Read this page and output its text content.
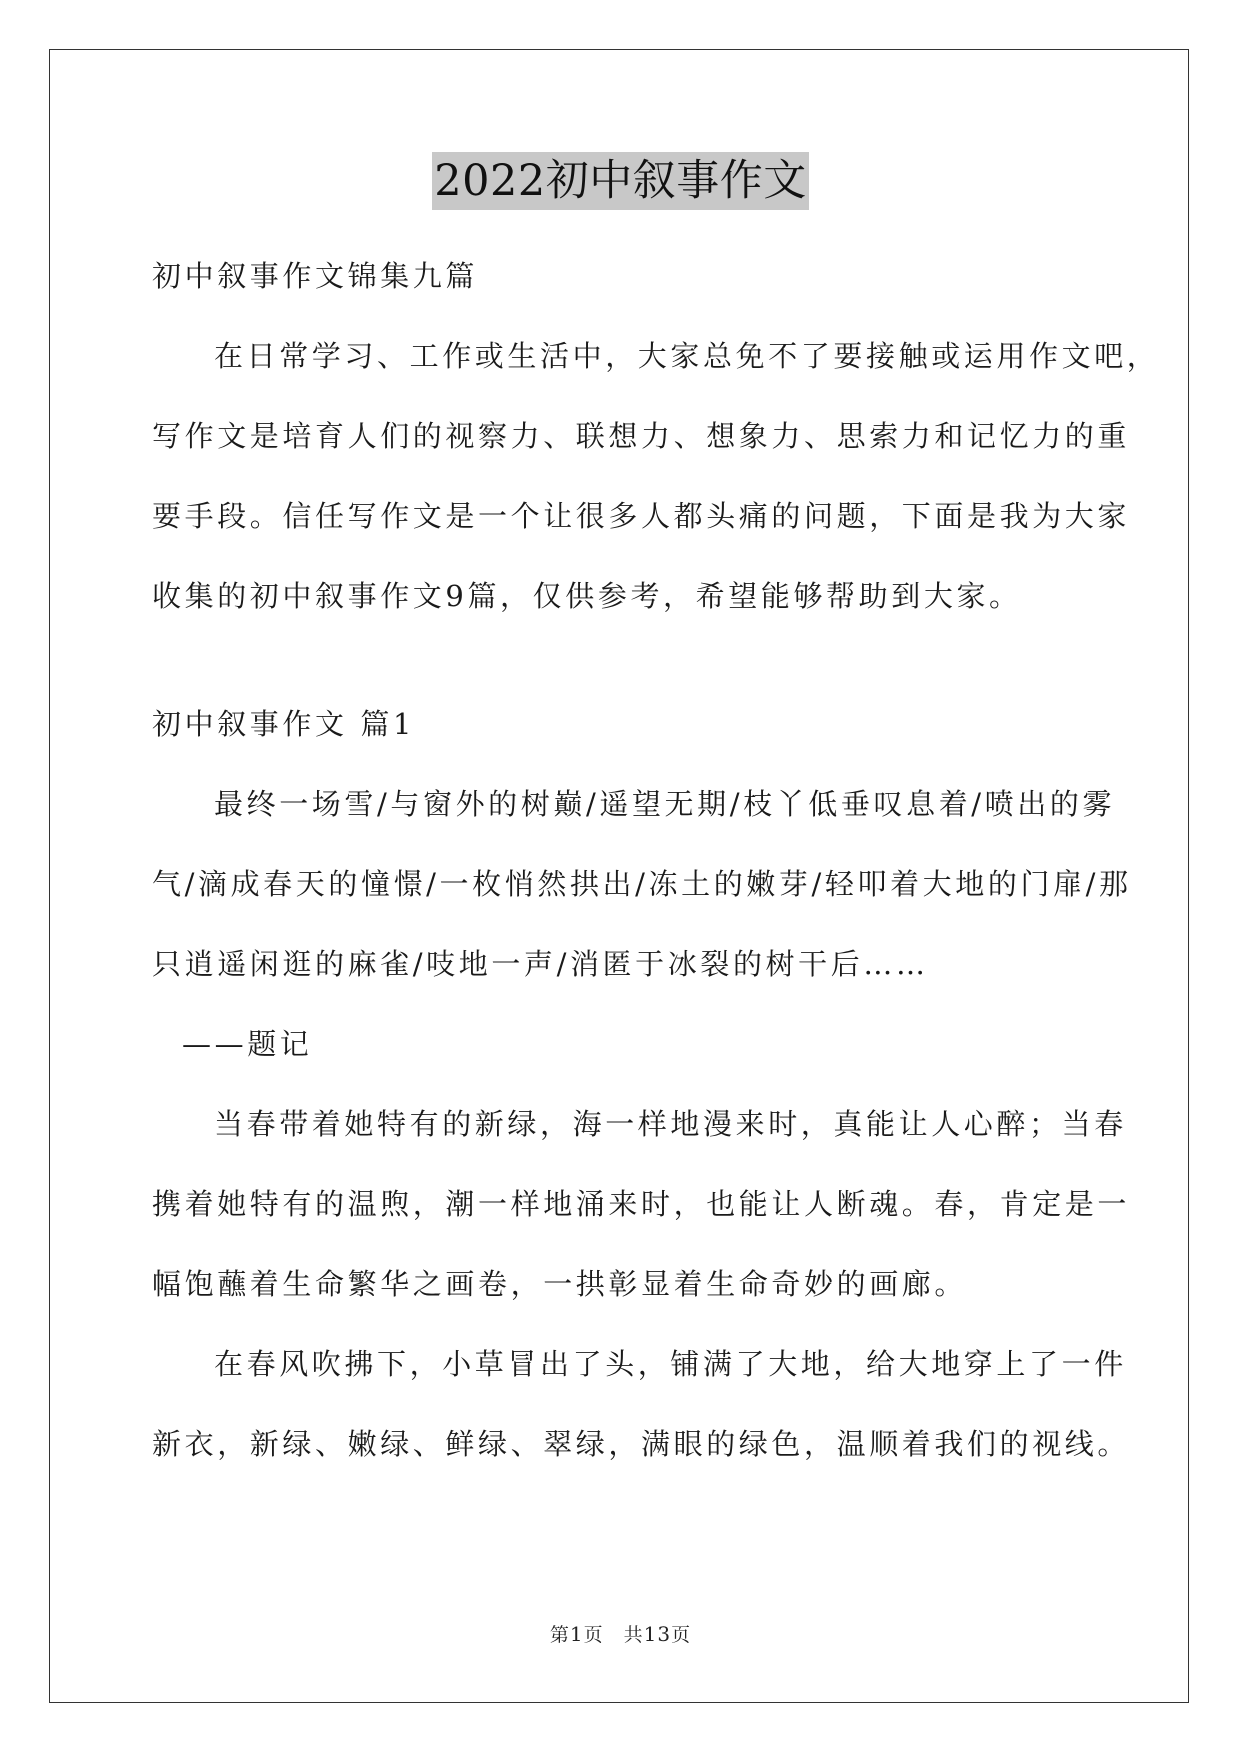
2022初中叙事作文

初中叙事作文锦集九篇

在日常学习、工作或生活中，大家总免不了要接触或运用作文吧，
写作文是培育人们的视察力、联想力、想象力、思索力和记忆力的重
要手段。信任写作文是一个让很多人都头痛的问题，下面是我为大家
收集的初中叙事作文9篇，仅供参考，希望能够帮助到大家。

初中叙事作文 篇1

最终一场雪/与窗外的树巅/遥望无期/枝丫低垂叹息着/喷出的雾
气/滴成春天的憧憬/一枚悄然拱出/冻土的嫩芽/轻叩着大地的门扉/那
只逍遥闲逛的麻雀/吱地一声/消匿于冰裂的树干后……
——题记

当春带着她特有的新绿，海一样地漫来时，真能让人心醉；当春
携着她特有的温煦，潮一样地涌来时，也能让人断魂。春，肯定是一
幅饱蘸着生命繁华之画卷，一拱彰显着生命奇妙的画廊。

在春风吹拂下，小草冒出了头，铺满了大地，给大地穿上了一件
新衣，新绿、嫩绿、鲜绿、翠绿，满眼的绿色，温顺着我们的视线。

第1页　共13页
